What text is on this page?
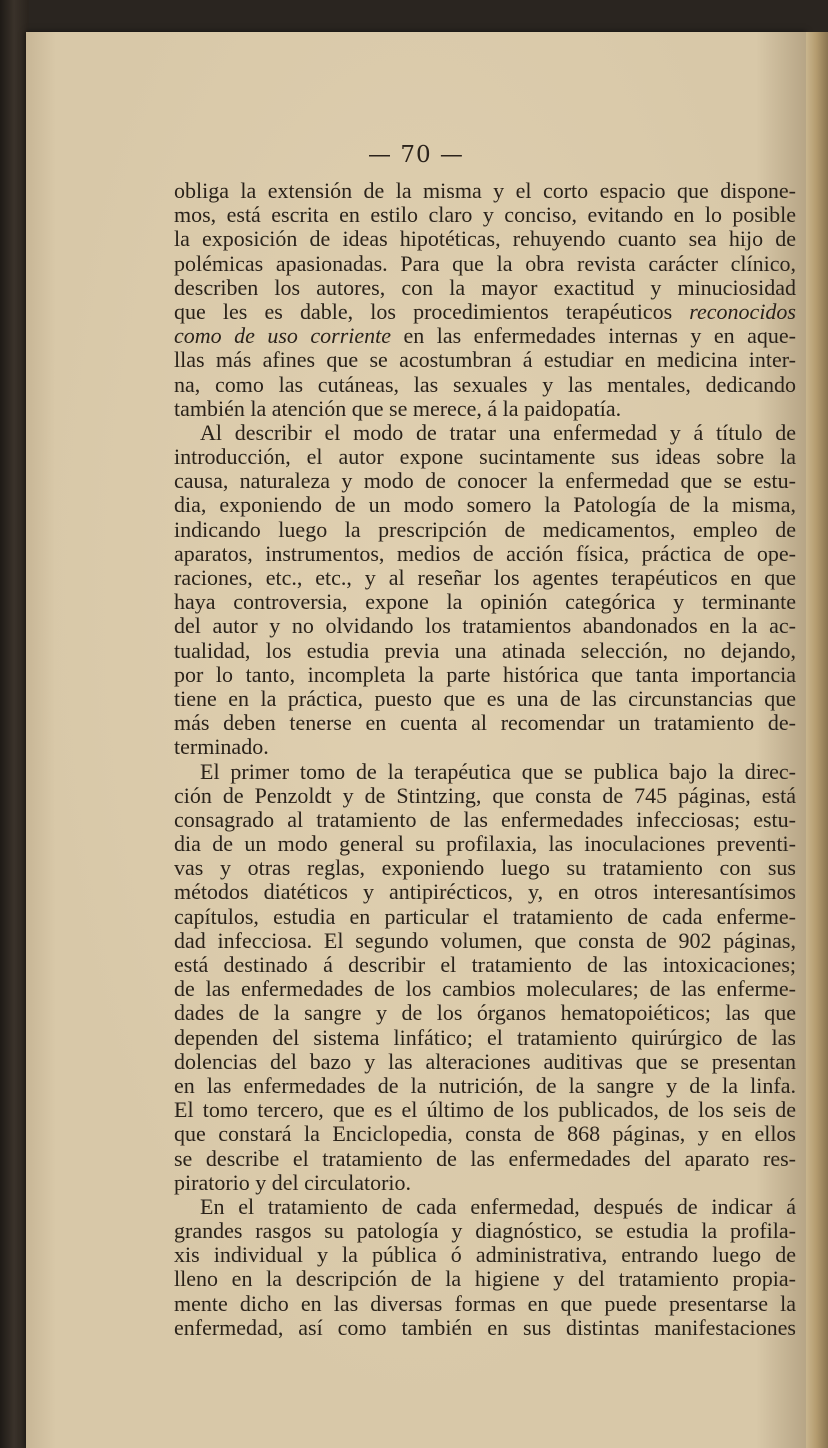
— 70 —
obliga la extensión de la misma y el corto espacio que dispone-
mos, está escrita en estilo claro y conciso, evitando en lo posible
la exposición de ideas hipotéticas, rehuyendo cuanto sea hijo de
polémicas apasionadas. Para que la obra revista carácter clínico,
describen los autores, con la mayor exactitud y minuciosidad
que les es dable, los procedimientos terapéuticos reconocidos
como de uso corriente en las enfermedades internas y en aque-
llas más afines que se acostumbran á estudiar en medicina inter-
na, como las cutáneas, las sexuales y las mentales, dedicando
también la atención que se merece, á la paidopatía.
Al describir el modo de tratar una enfermedad y á título de
introducción, el autor expone sucintamente sus ideas sobre la
causa, naturaleza y modo de conocer la enfermedad que se estu-
dia, exponiendo de un modo somero la Patología de la misma,
indicando luego la prescripción de medicamentos, empleo de
aparatos, instrumentos, medios de acción física, práctica de ope-
raciones, etc., etc., y al reseñar los agentes terapéuticos en que
haya controversia, expone la opinión categórica y terminante
del autor y no olvidando los tratamientos abandonados en la ac-
tualidad, los estudia previa una atinada selección, no dejando,
por lo tanto, incompleta la parte histórica que tanta importancia
tiene en la práctica, puesto que es una de las circunstancias que
más deben tenerse en cuenta al recomendar un tratamiento de-
terminado.
El primer tomo de la terapéutica que se publica bajo la direc-
ción de Penzoldt y de Stintzing, que consta de 745 páginas, está
consagrado al tratamiento de las enfermedades infecciosas; estu-
dia de un modo general su profilaxia, las inoculaciones preventi-
vas y otras reglas, exponiendo luego su tratamiento con sus
métodos diatéticos y antipirécticos, y, en otros interesantísimos
capítulos, estudia en particular el tratamiento de cada enferme-
dad infecciosa. El segundo volumen, que consta de 902 páginas,
está destinado á describir el tratamiento de las intoxicaciones;
de las enfermedades de los cambios moleculares; de las enferme-
dades de la sangre y de los órganos hematopoiéticos; las que
dependen del sistema linfático; el tratamiento quirúrgico de las
dolencias del bazo y las alteraciones auditivas que se presentan
en las enfermedades de la nutrición, de la sangre y de la linfa.
El tomo tercero, que es el último de los publicados, de los seis de
que constará la Enciclopedia, consta de 868 páginas, y en ellos
se describe el tratamiento de las enfermedades del aparato res-
piratorio y del circulatorio.
En el tratamiento de cada enfermedad, después de indicar á
grandes rasgos su patología y diagnóstico, se estudia la profila-
xis individual y la pública ó administrativa, entrando luego de
lleno en la descripción de la higiene y del tratamiento propia-
mente dicho en las diversas formas en que puede presentarse la
enfermedad, así como también en sus distintas manifestaciones
